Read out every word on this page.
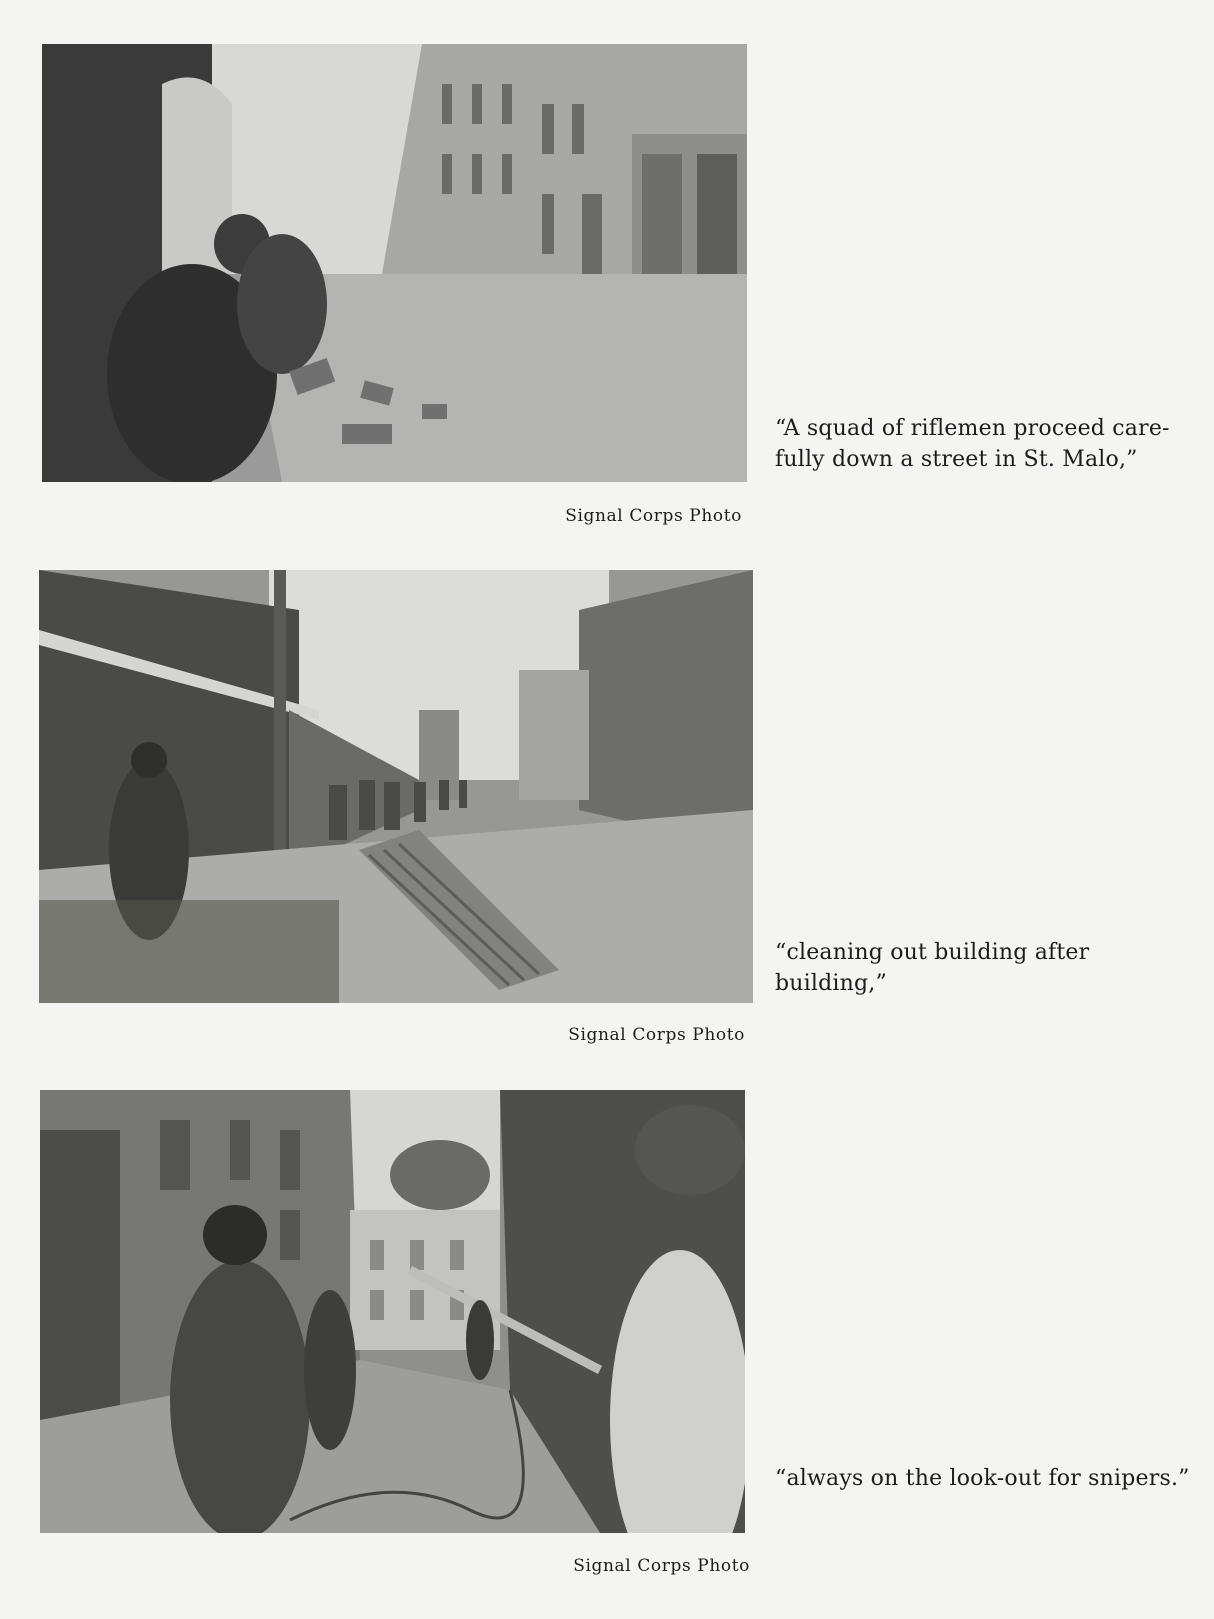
“A squad of riflemen proceed care-fully down a street in St. Malo,”
Signal Corps Photo
“cleaning out building after building,”
Signal Corps Photo
“always on the look-out for snipers.”
Signal Corps Photo
